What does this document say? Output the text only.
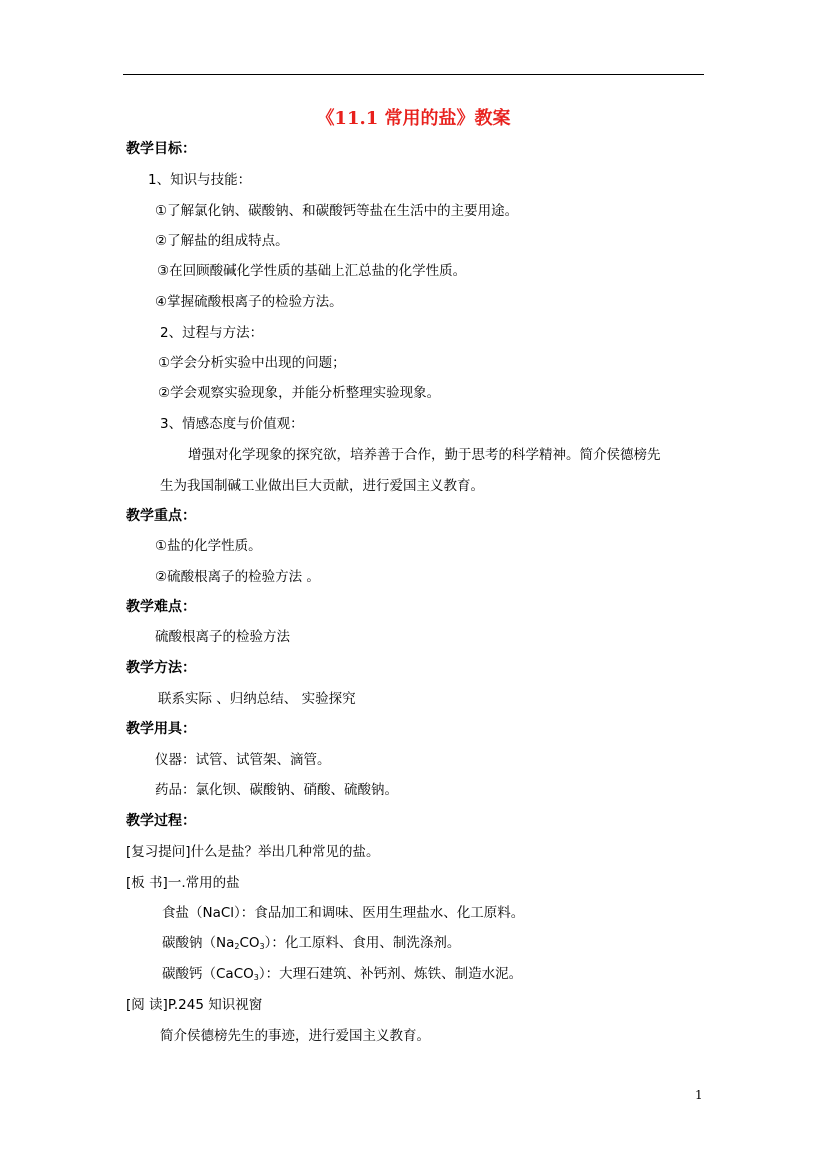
《11.1 常用的盐》教案
教学目标：
1、知识与技能：
①了解氯化钠、碳酸钠、和碳酸钙等盐在生活中的主要用途。
②了解盐的组成特点。
③在回顾酸碱化学性质的基础上汇总盐的化学性质。
④掌握硫酸根离子的检验方法。
2、过程与方法：
①学会分析实验中出现的问题；
②学会观察实验现象，并能分析整理实验现象。
3、情感态度与价值观：
增强对化学现象的探究欲，培养善于合作，勤于思考的科学精神。简介侯德榜先
生为我国制碱工业做出巨大贡献，进行爱国主义教育。
教学重点：
①盐的化学性质。
②硫酸根离子的检验方法 。
教学难点：
硫酸根离子的检验方法
教学方法：
联系实际 、归纳总结、 实验探究
教学用具：
仪器：试管、试管架、滴管。
药品：氯化钡、碳酸钠、硝酸、硫酸钠。
教学过程：
[复习提问]什么是盐？举出几种常见的盐。
[板 书]一.常用的盐
食盐（NaCl）：食品加工和调味、医用生理盐水、化工原料。
碳酸钠$(Na_2CO_3)$：化工原料、食用、制洗涤剂。
碳酸钙（CaCO$_3$）：大理石建筑、补钙剂、炼铁、制造水泥。
[阅 读]P.245 知识视窗
简介侯德榜先生的事迹，进行爱国主义教育。
1
